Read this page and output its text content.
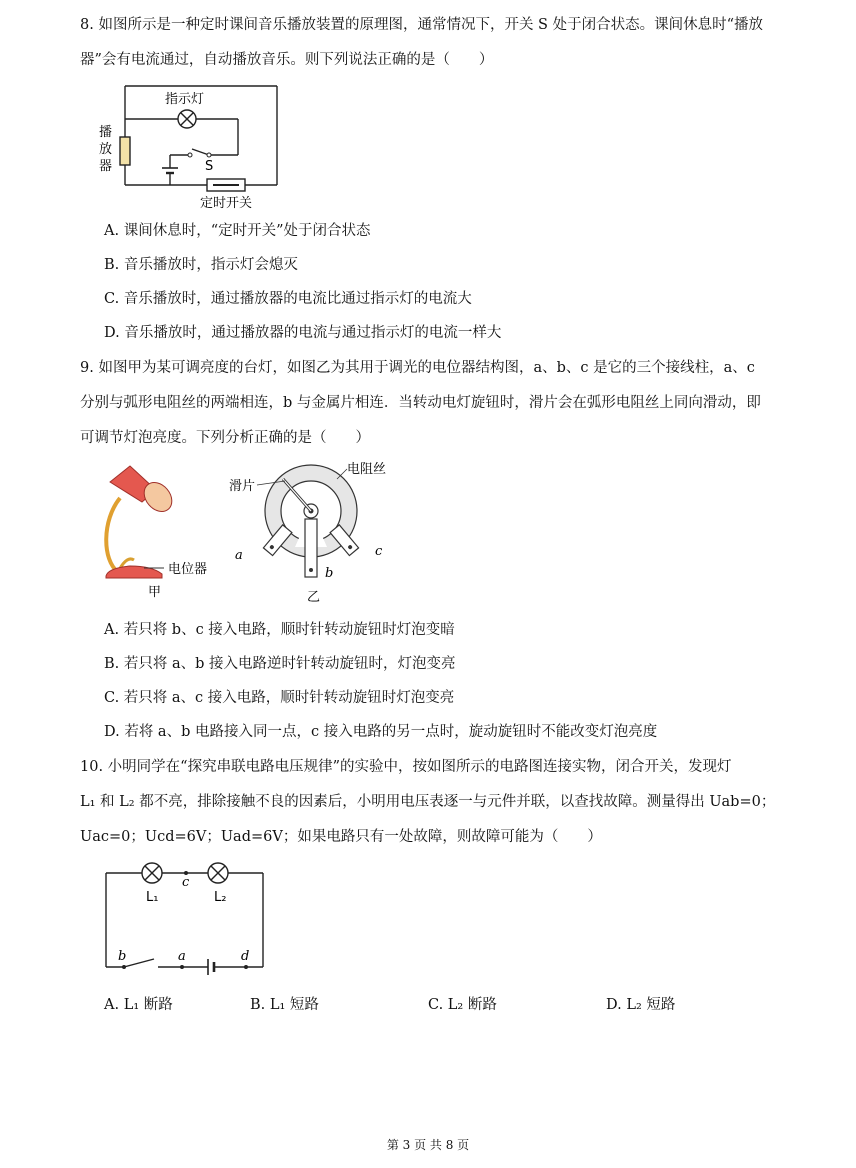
8. 如图所示是一种定时课间音乐播放装置的原理图，通常情况下，开关 S 处于闭合状态。课间休息时“播放
器”会有电流通过，自动播放音乐。则下列说法正确的是（　　）
指示灯
播
放
器	S
定时开关
A. 课间休息时，“定时开关”处于闭合状态
B. 音乐播放时，指示灯会熄灭
C. 音乐播放时，通过播放器的电流比通过指示灯的电流大
D. 音乐播放时，通过播放器的电流与通过指示灯的电流一样大
9. 如图甲为某可调亮度的台灯，如图乙为其用于调光的电位器结构图，a、b、c 是它的三个接线柱，a、c
分别与弧形电阻丝的两端相连，b 与金属片相连．当转动电灯旋钮时，滑片会在弧形电阻丝上同向滑动，即
可调节灯泡亮度。下列分析正确的是（　　）
电位器
甲
滑片
电阻丝
a
b
c
乙
A. 若只将 b、c 接入电路，顺时针转动旋钮时灯泡变暗
B. 若只将 a、b 接入电路逆时针转动旋钮时，灯泡变亮
C. 若只将 a、c 接入电路，顺时针转动旋钮时灯泡变亮
D. 若将 a、b 电路接入同一点，c 接入电路的另一点时，旋动旋钮时不能改变灯泡亮度
10. 小明同学在“探究串联电路电压规律”的实验中，按如图所示的电路图连接实物，闭合开关，发现灯
L₁ 和 L₂ 都不亮，排除接触不良的因素后，小明用电压表逐一与元件并联，以查找故障。测量得出 Uab=0；
Uac=0；Ucd=6V；Uad=6V；如果电路只有一处故障，则故障可能为（　　）
L₁	L₂
c
b	a	d
A. L₁ 断路	B. L₁ 短路	C. L₂ 断路	D. L₂ 短路
第 3 页 共 8 页
